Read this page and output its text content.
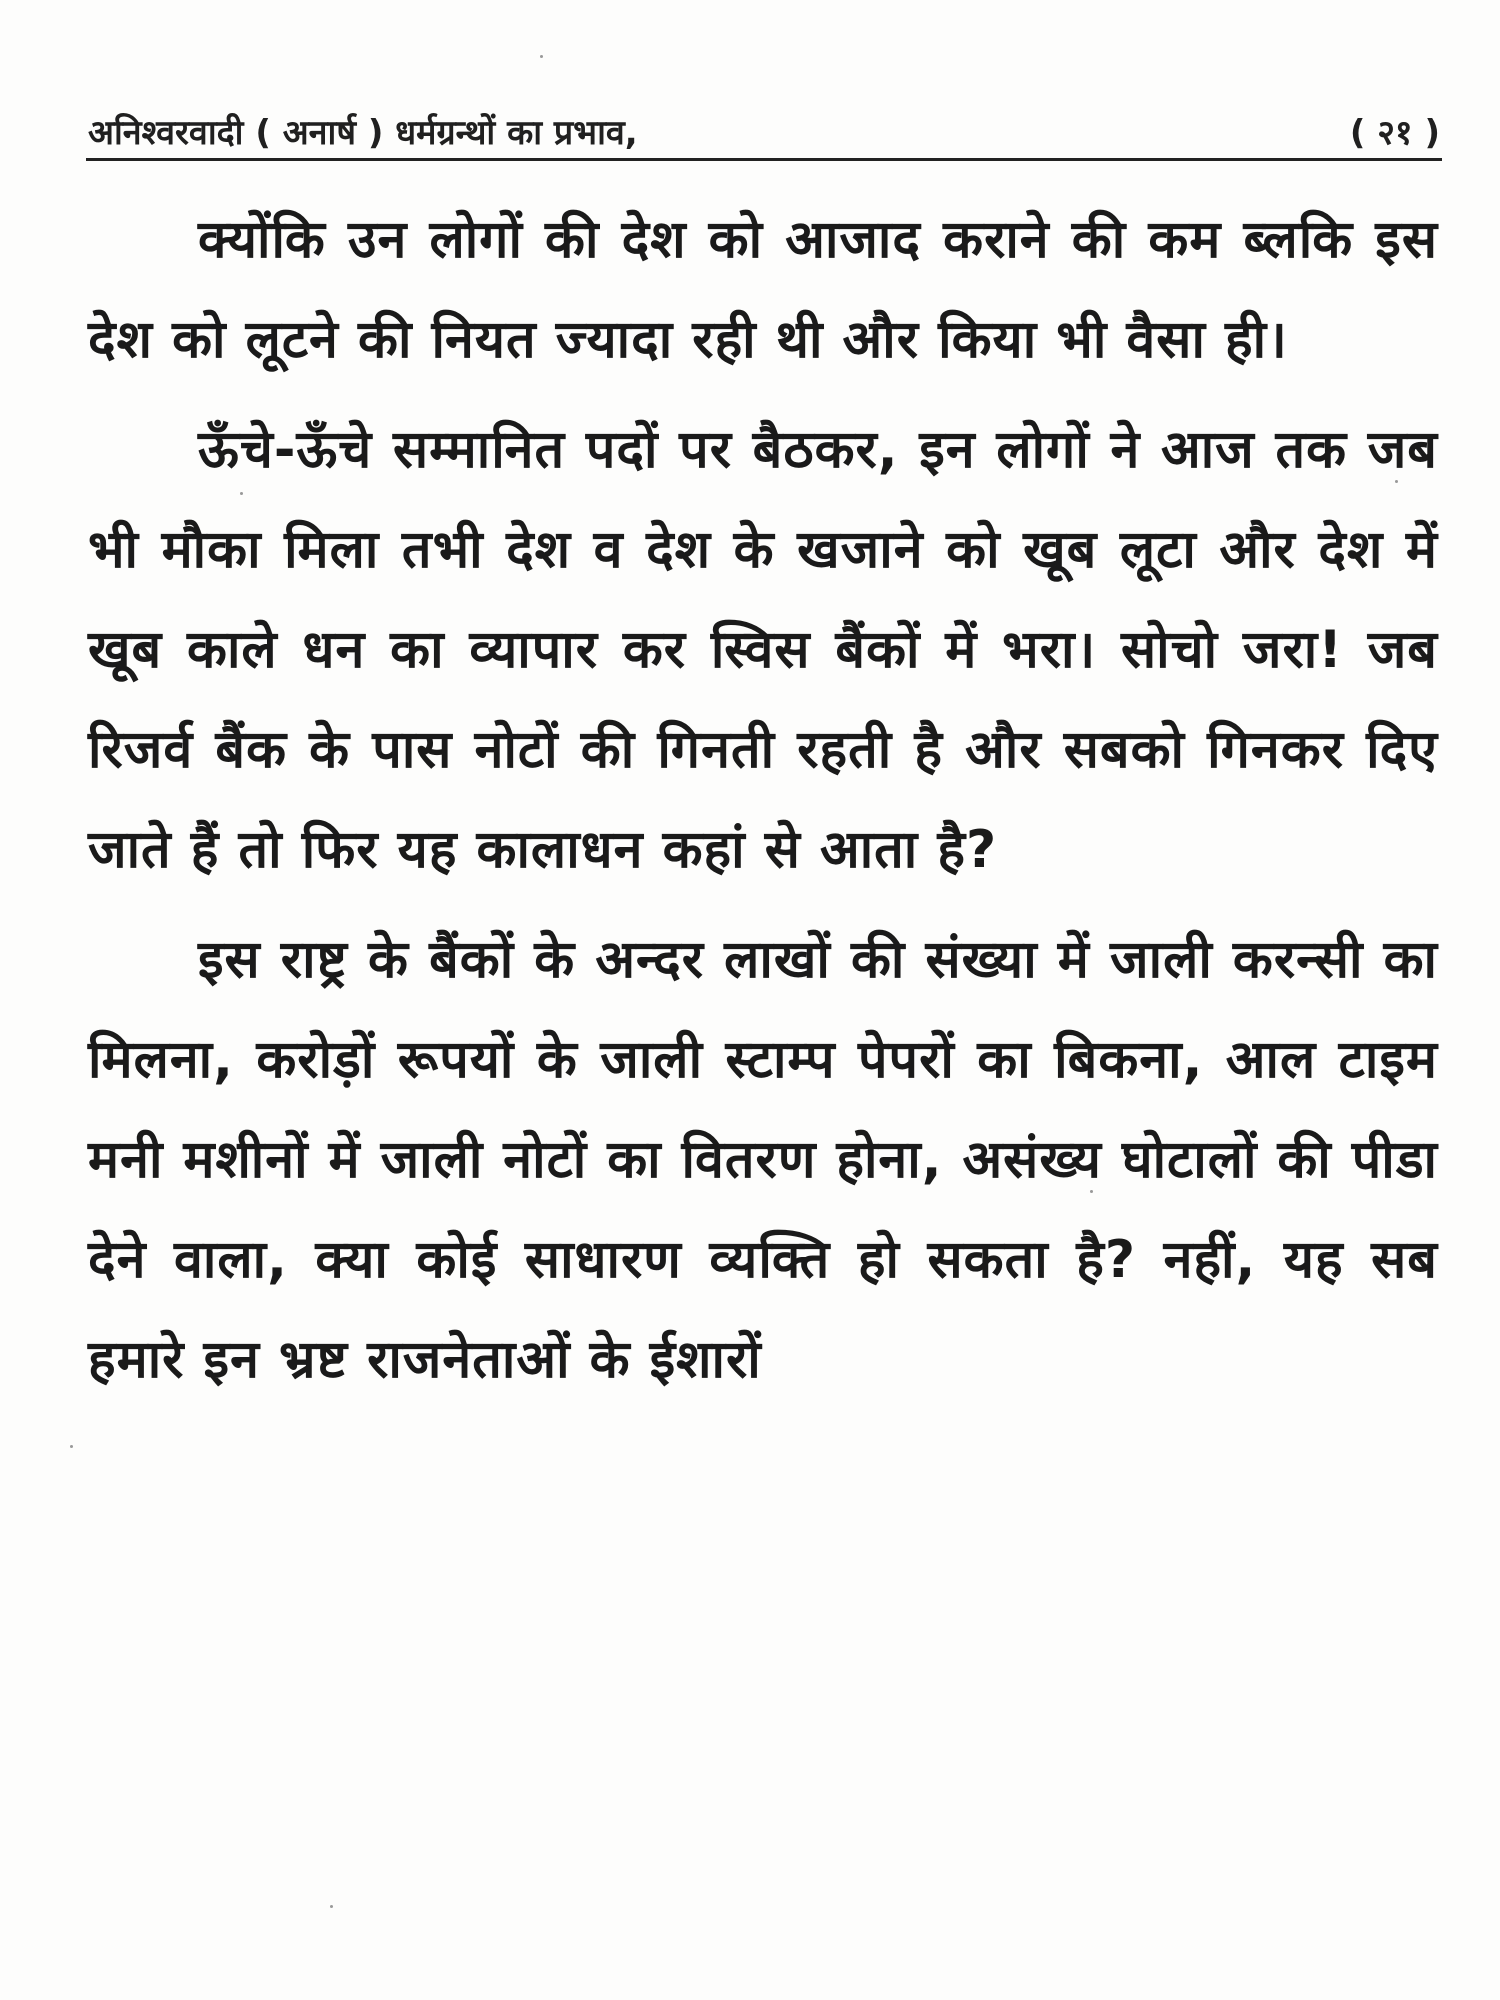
अनिश्वरवादी ( अनार्ष ) धर्मग्रन्थों का प्रभाव,	( २१ )

क्योंकि उन लोगों की देश को आजाद कराने की कम ब्लकि इस देश को लूटने की नियत ज्यादा रही थी और किया भी वैसा ही।

ऊँचे-ऊँचे सम्मानित पदों पर बैठकर, इन लोगों ने आज तक जब भी मौका मिला तभी देश व देश के खजाने को खूब लूटा और देश में खूब काले धन का व्यापार कर स्विस बैंकों में भरा। सोचो जरा! जब रिजर्व बैंक के पास नोटों की गिनती रहती है और सबको गिनकर दिए जाते हैं तो फिर यह कालाधन कहां से आता है?

इस राष्ट्र के बैंकों के अन्दर लाखों की संख्या में जाली करन्सी का मिलना, करोड़ों रूपयों के जाली स्टाम्प पेपरों का बिकना, आल टाइम मनी मशीनों में जाली नोटों का वितरण होना, असंख्य घोटालों की पीडा देने वाला, क्या कोई साधारण व्यक्ति हो सकता है? नहीं, यह सब हमारे इन भ्रष्ट राजनेताओं के ईशारों
